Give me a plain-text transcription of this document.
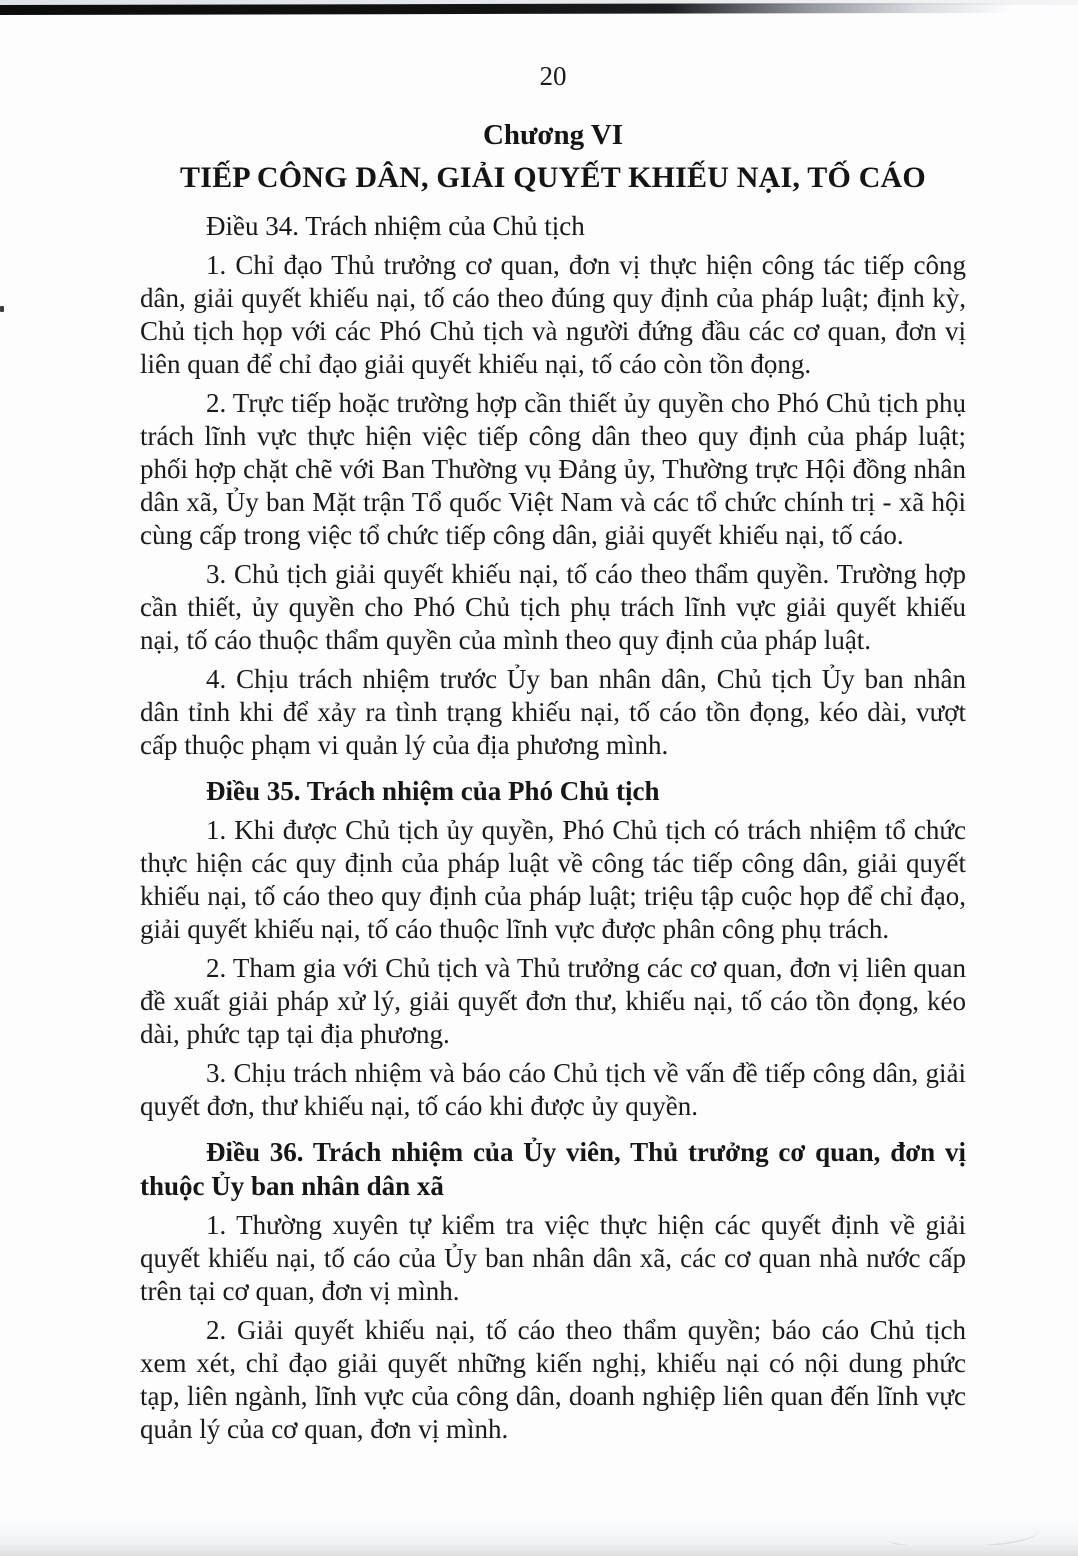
20
Chương VI
TIẾP CÔNG DÂN, GIẢI QUYẾT KHIẾU NẠI, TỐ CÁO
Điều 34. Trách nhiệm của Chủ tịch

1. Chỉ đạo Thủ trưởng cơ quan, đơn vị thực hiện công tác tiếp công dân, giải quyết khiếu nại, tố cáo theo đúng quy định của pháp luật; định kỳ, Chủ tịch họp với các Phó Chủ tịch và người đứng đầu các cơ quan, đơn vị liên quan để chỉ đạo giải quyết khiếu nại, tố cáo còn tồn đọng.

2. Trực tiếp hoặc trường hợp cần thiết ủy quyền cho Phó Chủ tịch phụ trách lĩnh vực thực hiện việc tiếp công dân theo quy định của pháp luật; phối hợp chặt chẽ với Ban Thường vụ Đảng ủy, Thường trực Hội đồng nhân dân xã, Ủy ban Mặt trận Tổ quốc Việt Nam và các tổ chức chính trị - xã hội cùng cấp trong việc tổ chức tiếp công dân, giải quyết khiếu nại, tố cáo.

3. Chủ tịch giải quyết khiếu nại, tố cáo theo thẩm quyền. Trường hợp cần thiết, ủy quyền cho Phó Chủ tịch phụ trách lĩnh vực giải quyết khiếu nại, tố cáo thuộc thẩm quyền của mình theo quy định của pháp luật.

4. Chịu trách nhiệm trước Ủy ban nhân dân, Chủ tịch Ủy ban nhân dân tỉnh khi để xảy ra tình trạng khiếu nại, tố cáo tồn đọng, kéo dài, vượt cấp thuộc phạm vi quản lý của địa phương mình.

Điều 35. Trách nhiệm của Phó Chủ tịch

1. Khi được Chủ tịch ủy quyền, Phó Chủ tịch có trách nhiệm tổ chức thực hiện các quy định của pháp luật về công tác tiếp công dân, giải quyết khiếu nại, tố cáo theo quy định của pháp luật; triệu tập cuộc họp để chỉ đạo, giải quyết khiếu nại, tố cáo thuộc lĩnh vực được phân công phụ trách.

2. Tham gia với Chủ tịch và Thủ trưởng các cơ quan, đơn vị liên quan đề xuất giải pháp xử lý, giải quyết đơn thư, khiếu nại, tố cáo tồn đọng, kéo dài, phức tạp tại địa phương.

3. Chịu trách nhiệm và báo cáo Chủ tịch về vấn đề tiếp công dân, giải quyết đơn, thư khiếu nại, tố cáo khi được ủy quyền.

Điều 36. Trách nhiệm của Ủy viên, Thủ trưởng cơ quan, đơn vị thuộc Ủy ban nhân dân xã

1. Thường xuyên tự kiểm tra việc thực hiện các quyết định về giải quyết khiếu nại, tố cáo của Ủy ban nhân dân xã, các cơ quan nhà nước cấp trên tại cơ quan, đơn vị mình.

2. Giải quyết khiếu nại, tố cáo theo thẩm quyền; báo cáo Chủ tịch xem xét, chỉ đạo giải quyết những kiến nghị, khiếu nại có nội dung phức tạp, liên ngành, lĩnh vực của công dân, doanh nghiệp liên quan đến lĩnh vực quản lý của cơ quan, đơn vị mình.
